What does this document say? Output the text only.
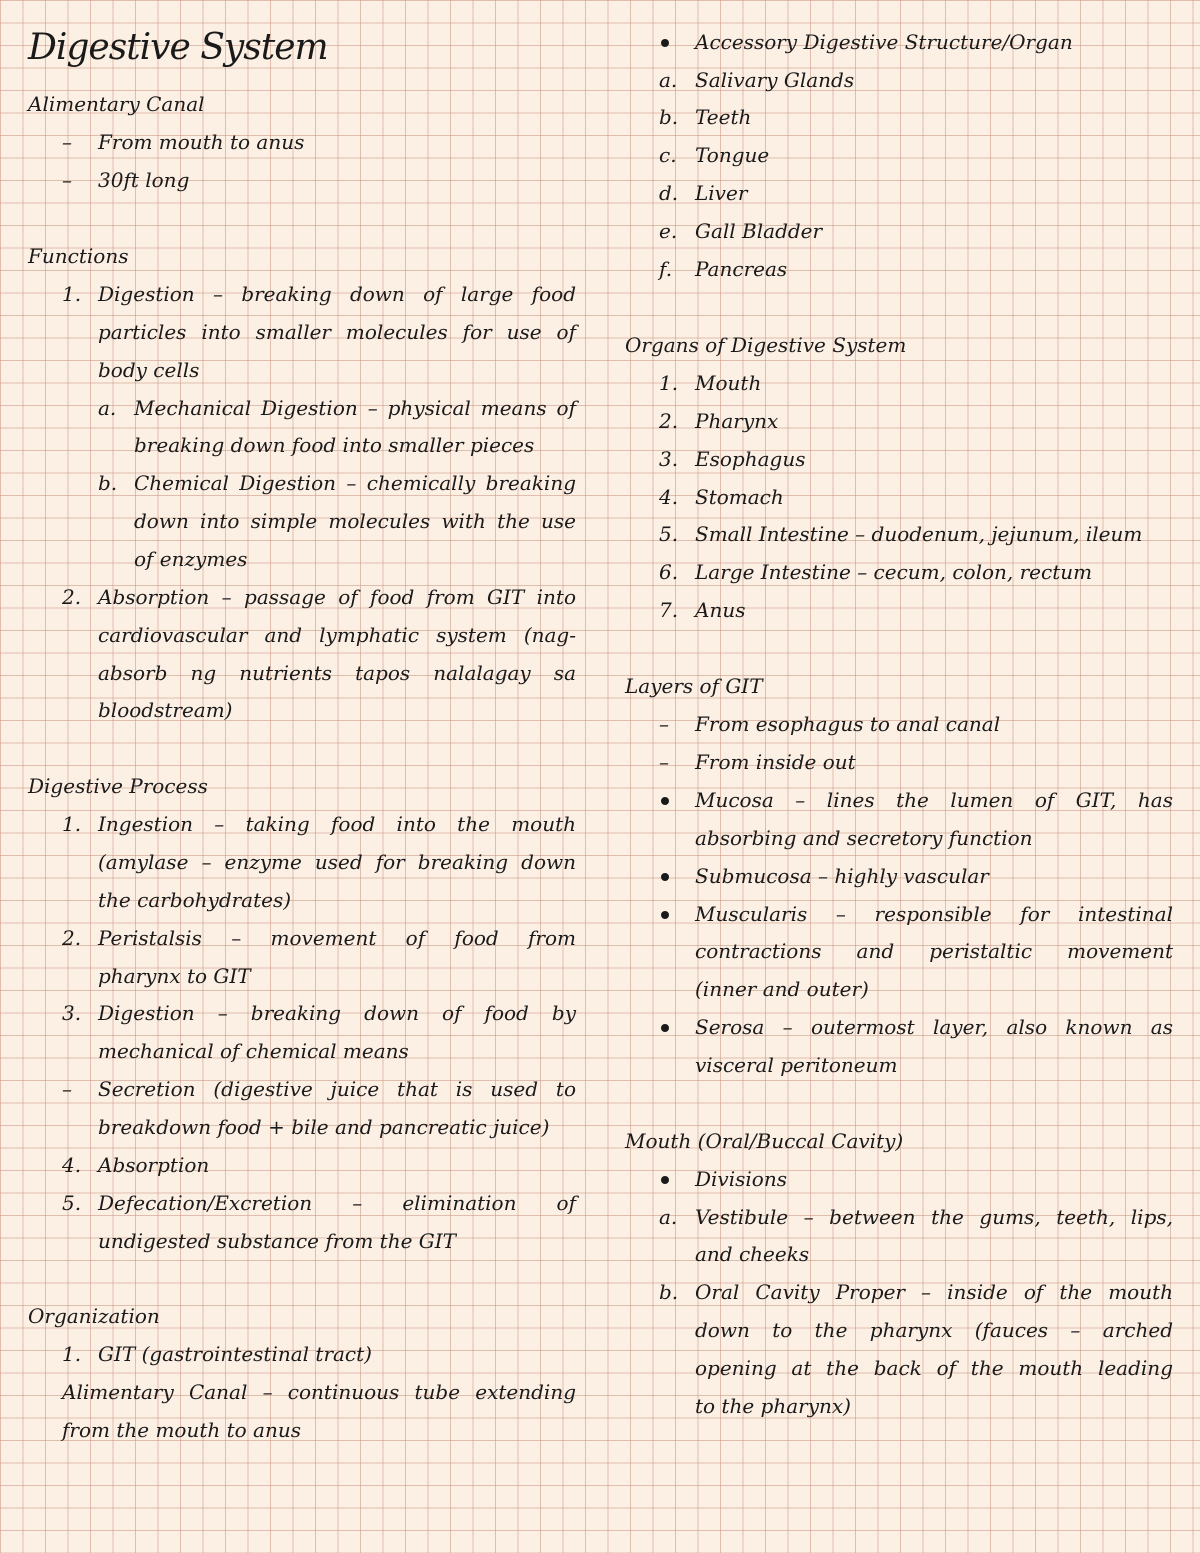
Digestive System
Alimentary Canal
– From mouth to anus
– 30ft long
Functions
1. Digestion – breaking down of large food
particles into smaller molecules for use of
body cells
a. Mechanical Digestion – physical means of
breaking down food into smaller pieces
b. Chemical Digestion – chemically breaking
down into simple molecules with the use
of enzymes
2. Absorption – passage of food from GIT into
cardiovascular and lymphatic system (nag-
absorb ng nutrients tapos nalalagay sa
bloodstream)
Digestive Process
1. Ingestion – taking food into the mouth
(amylase – enzyme used for breaking down
the carbohydrates)
2. Peristalsis – movement of food from
pharynx to GIT
3. Digestion – breaking down of food by
mechanical of chemical means
– Secretion (digestive juice that is used to
breakdown food + bile and pancreatic juice)
4. Absorption
5. Defecation/Excretion – elimination of
undigested substance from the GIT
Organization
1. GIT (gastrointestinal tract)
Alimentary Canal – continuous tube extending
from the mouth to anus
Accessory Digestive Structure/Organ
a. Salivary Glands
b. Teeth
c. Tongue
d. Liver
e. Gall Bladder
f. Pancreas
Organs of Digestive System
1. Mouth
2. Pharynx
3. Esophagus
4. Stomach
5. Small Intestine – duodenum, jejunum, ileum
6. Large Intestine – cecum, colon, rectum
7. Anus
Layers of GIT
– From esophagus to anal canal
– From inside out
Mucosa – lines the lumen of GIT, has
absorbing and secretory function
Submucosa – highly vascular
Muscularis – responsible for intestinal
contractions and peristaltic movement
(inner and outer)
Serosa – outermost layer, also known as
visceral peritoneum
Mouth (Oral/Buccal Cavity)
Divisions
a. Vestibule – between the gums, teeth, lips,
and cheeks
b. Oral Cavity Proper – inside of the mouth
down to the pharynx (fauces – arched
opening at the back of the mouth leading
to the pharynx)
